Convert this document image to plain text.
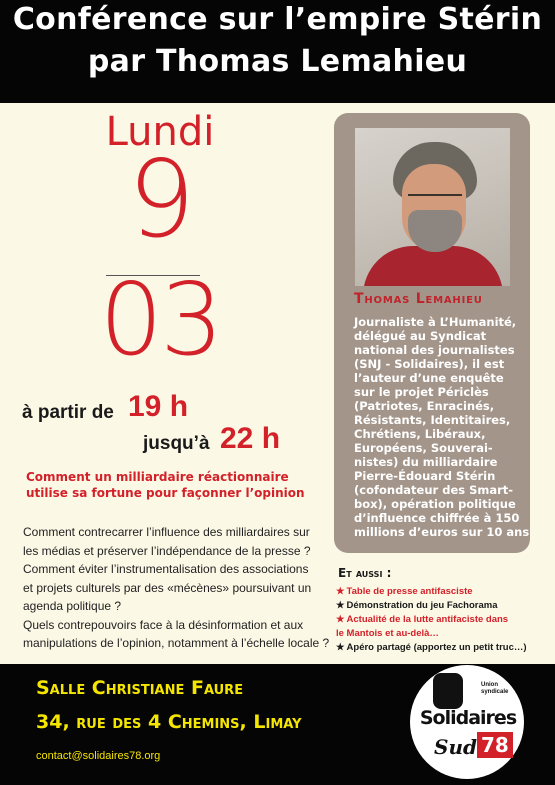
Conférence sur l’empire Stérin
par Thomas Lemahieu
Lundi
9
03
à partir de 19 h
jusqu’à 22 h
Comment un milliardaire réactionnaire
utilise sa fortune pour façonner l’opinion
Comment contrecarrer l’influence des milliardaires sur
les médias et préserver l’indépendance de la presse ?
Comment éviter l’instrumentalisation des associations
et projets culturels par des «mécènes» poursuivant un
agenda politique ?
Quels contrepouvoirs face à la désinformation et aux
manipulations de l’opinion, notamment à l’échelle locale ?
Thomas Lemahieu
Journaliste à L’Humanité,
délégué au Syndicat
national des journalistes
(SNJ - Solidaires), il est
l’auteur d’une enquête
sur le projet Périclès
(Patriotes, Enracinés,
Résistants, Identitaires,
Chrétiens, Libéraux,
Européens, Souverai-
nistes) du milliardaire
Pierre-Édouard Stérin
(cofondateur des Smart-
box), opération politique
d’influence chiffrée à 150
millions d’euros sur 10 ans
Et aussi :
★ Table de presse antifasciste
★ Démonstration du jeu Fachorama
★ Actualité de la lutte antifaciste dans
le Mantois et au-delà…
★ Apéro partagé (apportez un petit truc…)
Salle Christiane Faure
34, rue des 4 Chemins, Limay
contact@solidaires78.org
Union syndicale
Solidaires
Sud 78
